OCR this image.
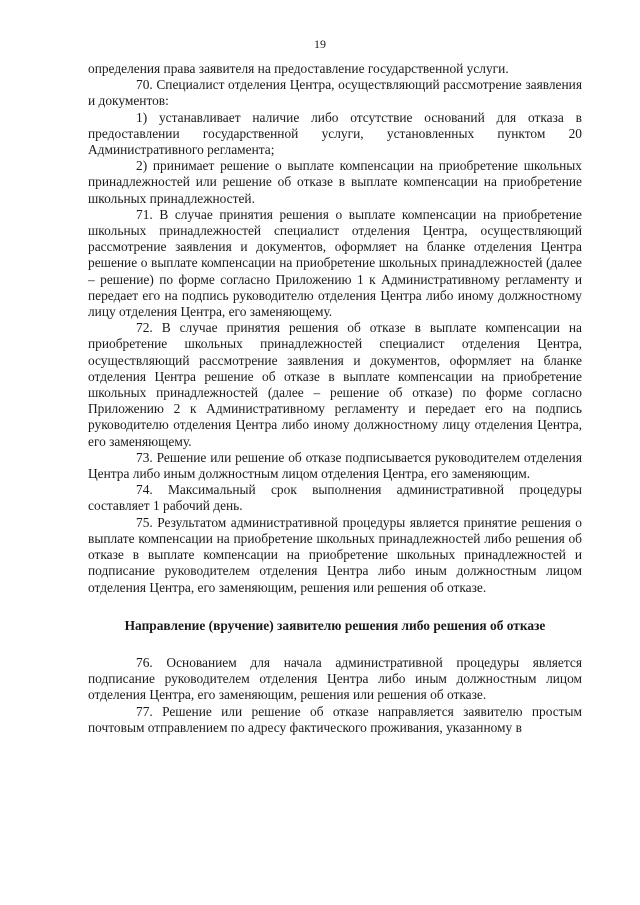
19

определения права заявителя на предоставление государственной услуги.

70. Специалист отделения Центра, осуществляющий рассмотрение заявления и документов:

1) устанавливает наличие либо отсутствие оснований для отказа в предоставлении государственной услуги, установленных пунктом 20 Административного регламента;

2) принимает решение о выплате компенсации на приобретение школьных принадлежностей или решение об отказе в выплате компенсации на приобретение школьных принадлежностей.

71. В случае принятия решения о выплате компенсации на приобретение школьных принадлежностей специалист отделения Центра, осуществляющий рассмотрение заявления и документов, оформляет на бланке отделения Центра решение о выплате компенсации на приобретение школьных принадлежностей (далее – решение) по форме согласно Приложению 1 к Административному регламенту и передает его на подпись руководителю отделения Центра либо иному должностному лицу отделения Центра, его заменяющему.

72. В случае принятия решения об отказе в выплате компенсации на приобретение школьных принадлежностей специалист отделения Центра, осуществляющий рассмотрение заявления и документов, оформляет на бланке отделения Центра решение об отказе в выплате компенсации на приобретение школьных принадлежностей (далее – решение об отказе) по форме согласно Приложению 2 к Административному регламенту и передает его на подпись руководителю отделения Центра либо иному должностному лицу отделения Центра, его заменяющему.

73. Решение или решение об отказе подписывается руководителем отделения Центра либо иным должностным лицом отделения Центра, его заменяющим.

74. Максимальный срок выполнения административной процедуры составляет 1 рабочий день.

75. Результатом административной процедуры является принятие решения о выплате компенсации на приобретение школьных принадлежностей либо решения об отказе в выплате компенсации на приобретение школьных принадлежностей и подписание руководителем отделения Центра либо иным должностным лицом отделения Центра, его заменяющим, решения или решения об отказе.

Направление (вручение) заявителю решения либо решения об отказе

76. Основанием для начала административной процедуры является подписание руководителем отделения Центра либо иным должностным лицом отделения Центра, его заменяющим, решения или решения об отказе.

77. Решение или решение об отказе направляется заявителю простым почтовым отправлением по адресу фактического проживания, указанному в
